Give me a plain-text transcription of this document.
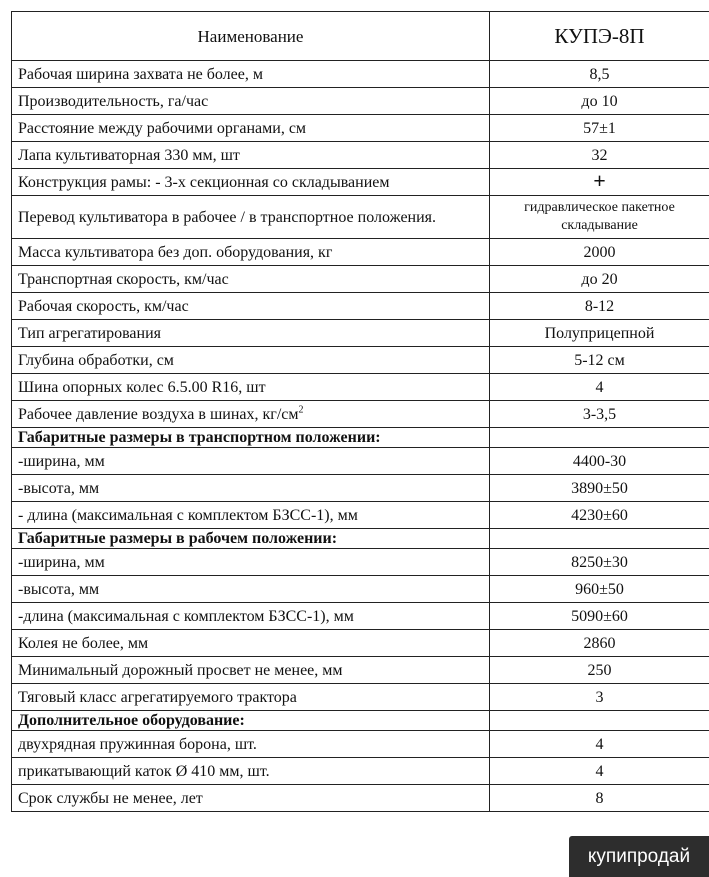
Наименование	КУПЭ-8П
Рабочая ширина захвата не более, м	8,5
Производительность, га/час	до 10
Расстояние между рабочими органами, см	57±1
Лапа культиваторная 330 мм, шт	32
Конструкция рамы: - 3-х секционная со складыванием	+
Перевод культиватора в рабочее / в транспортное положения.	гидравлическое пакетное складывание
Масса культиватора без доп. оборудования, кг	2000
Транспортная скорость, км/час	до 20
Рабочая скорость, км/час	8-12
Тип агрегатирования	Полуприцепной
Глубина обработки, см	5-12 см
Шина опорных колес 6.5.00 R16, шт	4
Рабочее давление воздуха в шинах, $кг/см^2$	3-3,5
Габаритные размеры в транспортном положении:	
-ширина, мм	4400-30
-высота, мм	3890±50
- длина (максимальная с комплектом БЗСС-1), мм	4230±60
Габаритные размеры в рабочем положении:	
-ширина, мм	8250±30
-высота, мм	960±50
-длина (максимальная с комплектом БЗСС-1), мм	5090±60
Колея не более, мм	2860
Минимальный дорожный просвет не менее, мм	250
Тяговый класс агрегатируемого трактора	3
Дополнительное оборудование:	
двухрядная пружинная борона, шт.	4
прикатывающий каток Ø 410 мм, шт.	4
Срок службы не менее, лет	8
купипродай
